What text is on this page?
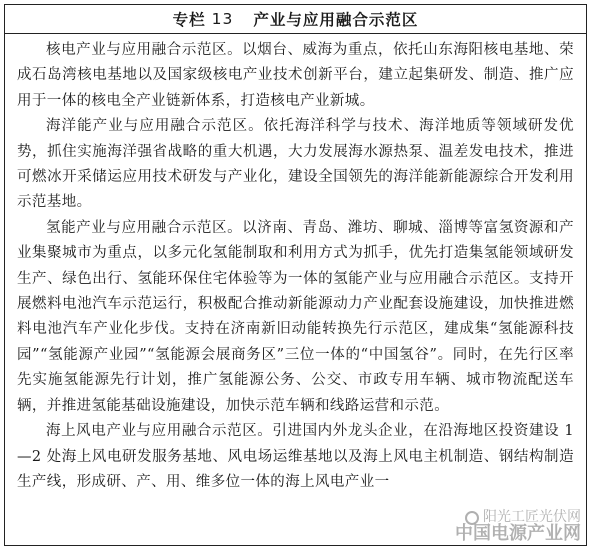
专栏 13 产业与应用融合示范区

核电产业与应用融合示范区。以烟台、威海为重点，依托山东海阳核电基地、荣成石岛湾核电基地以及国家级核电产业技术创新平台，建立起集研发、制造、推广应用于一体的核电全产业链新体系，打造核电产业新城。

海洋能产业与应用融合示范区。依托海洋科学与技术、海洋地质等领域研发优势，抓住实施海洋强省战略的重大机遇，大力发展海水源热泵、温差发电技术，推进可燃冰开采储运应用技术研发与产业化，建设全国领先的海洋能新能源综合开发利用示范基地。

氢能产业与应用融合示范区。以济南、青岛、潍坊、聊城、淄博等富氢资源和产业集聚城市为重点，以多元化氢能制取和利用方式为抓手，优先打造集氢能领域研发生产、绿色出行、氢能环保住宅体验等为一体的氢能产业与应用融合示范区。支持开展燃料电池汽车示范运行，积极配合推动新能源动力产业配套设施建设，加快推进燃料电池汽车产业化步伐。支持在济南新旧动能转换先行示范区，建成集“氢能源科技园”“氢能源产业园”“氢能源会展商务区”三位一体的“中国氢谷”。同时，在先行区率先实施氢能源先行计划，推广氢能源公务、公交、市政专用车辆、城市物流配送车辆，并推进氢能基础设施建设，加快示范车辆和线路运营和示范。

海上风电产业与应用融合示范区。引进国内外龙头企业，在沿海地区投资建设 1—2 处海上风电研发服务基地、风电场运维基地以及海上风电主机制造、钢结构制造生产线，形成研、产、用、维多位一体的海上风电产业一

阳光工匠光伏网
中国电源产业网
